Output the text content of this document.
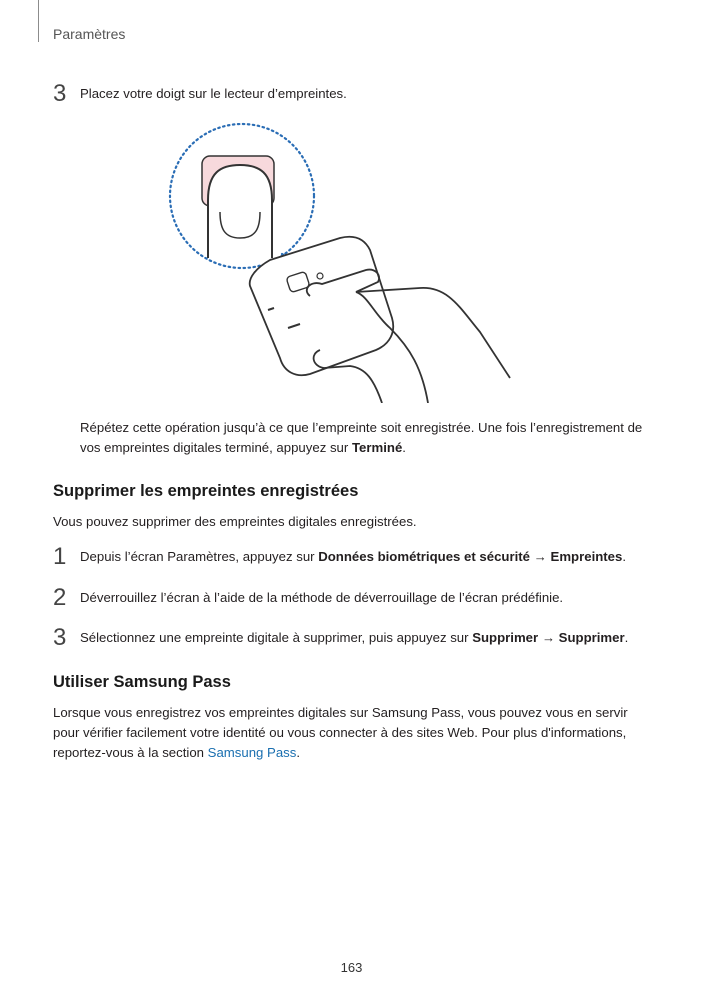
Paramètres
3 Placez votre doigt sur le lecteur d’empreintes.
Répétez cette opération jusqu’à ce que l’empreinte soit enregistrée. Une fois l’enregistrement de
vos empreintes digitales terminé, appuyez sur Terminé.
Supprimer les empreintes enregistrées
Vous pouvez supprimer des empreintes digitales enregistrées.
1 Depuis l’écran Paramètres, appuyez sur Données biométriques et sécurité → Empreintes.
2 Déverrouillez l’écran à l’aide de la méthode de déverrouillage de l’écran prédéfinie.
3 Sélectionnez une empreinte digitale à supprimer, puis appuyez sur Supprimer → Supprimer.
Utiliser Samsung Pass
Lorsque vous enregistrez vos empreintes digitales sur Samsung Pass, vous pouvez vous en servir
pour vérifier facilement votre identité ou vous connecter à des sites Web. Pour plus d'informations,
reportez-vous à la section Samsung Pass.
163
